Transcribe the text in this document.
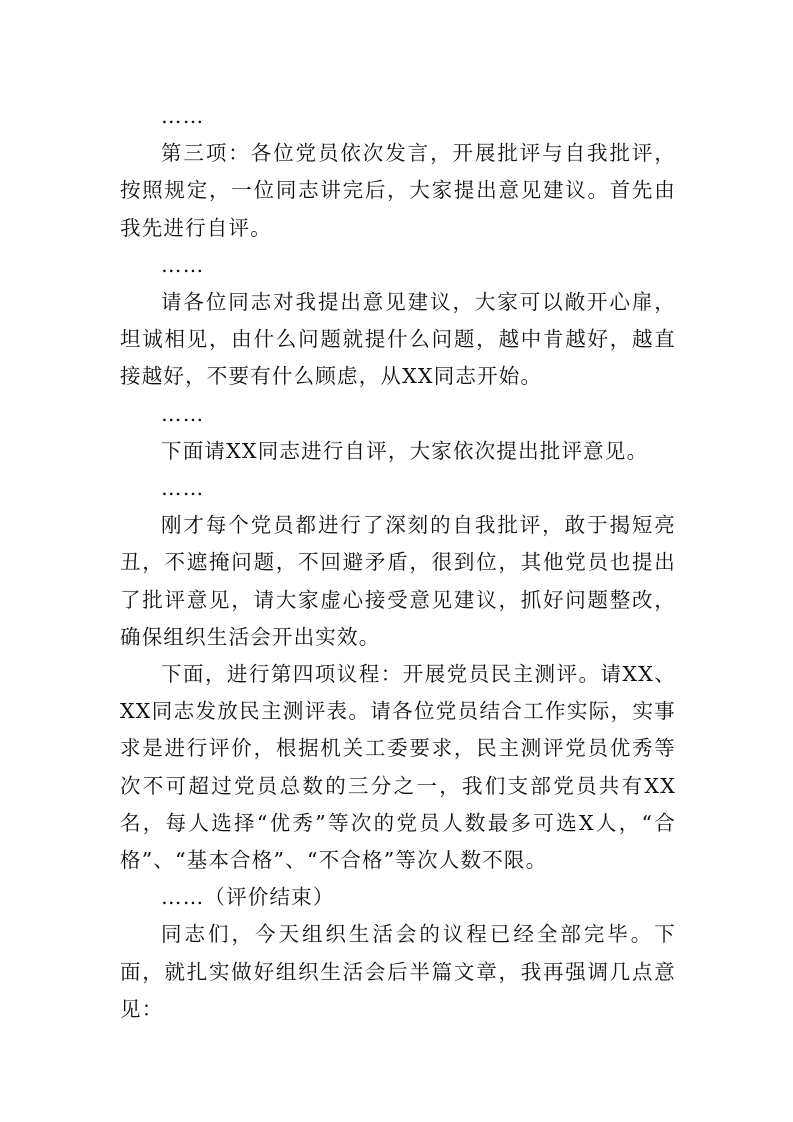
……

第三项：各位党员依次发言，开展批评与自我批评，按照规定，一位同志讲完后，大家提出意见建议。首先由我先进行自评。

……

请各位同志对我提出意见建议，大家可以敞开心扉，坦诚相见，由什么问题就提什么问题，越中肯越好，越直接越好，不要有什么顾虑，从XX同志开始。

……

下面请XX同志进行自评，大家依次提出批评意见。

……

刚才每个党员都进行了深刻的自我批评，敢于揭短亮丑，不遮掩问题，不回避矛盾，很到位，其他党员也提出了批评意见，请大家虚心接受意见建议，抓好问题整改，确保组织生活会开出实效。

下面，进行第四项议程：开展党员民主测评。请XX、XX同志发放民主测评表。请各位党员结合工作实际，实事求是进行评价，根据机关工委要求，民主测评党员优秀等次不可超过党员总数的三分之一，我们支部党员共有XX名，每人选择“优秀”等次的党员人数最多可选X人，“合格”、“基本合格”、“不合格”等次人数不限。

……（评价结束）

同志们，今天组织生活会的议程已经全部完毕。下面，就扎实做好组织生活会后半篇文章，我再强调几点意见：
